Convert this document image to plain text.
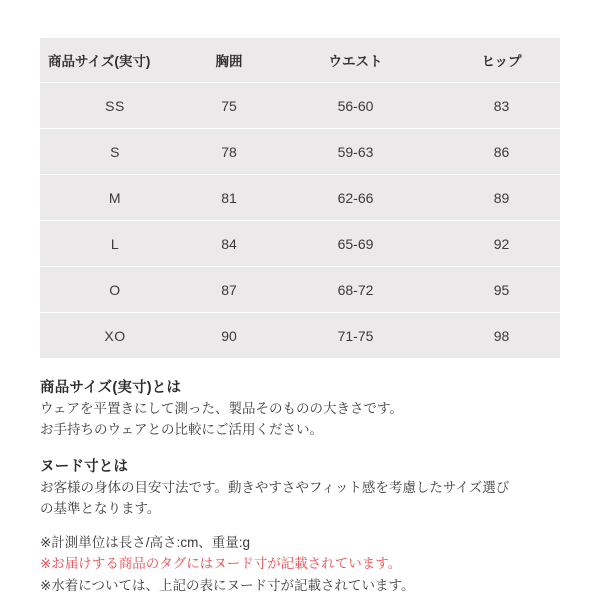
商品サイズ(実寸)	胸囲	ウエスト	ヒップ
SS	75	56-60	83
S	78	59-63	86
M	81	62-66	89
L	84	65-69	92
O	87	68-72	95
XO	90	71-75	98
商品サイズ(実寸)とは

ウェアを平置きにして測った、製品そのものの大きさです。

お手持ちのウェアとの比較にご活用ください。

ヌード寸とは

お客様の身体の目安寸法です。動きやすさやフィット感を考慮したサイズ選び

の基準となります。

※計測単位は長さ/高さ:cm、重量:g

※お届けする商品のタグにはヌード寸が記載されています。

※水着については、上記の表にヌード寸が記載されています。
